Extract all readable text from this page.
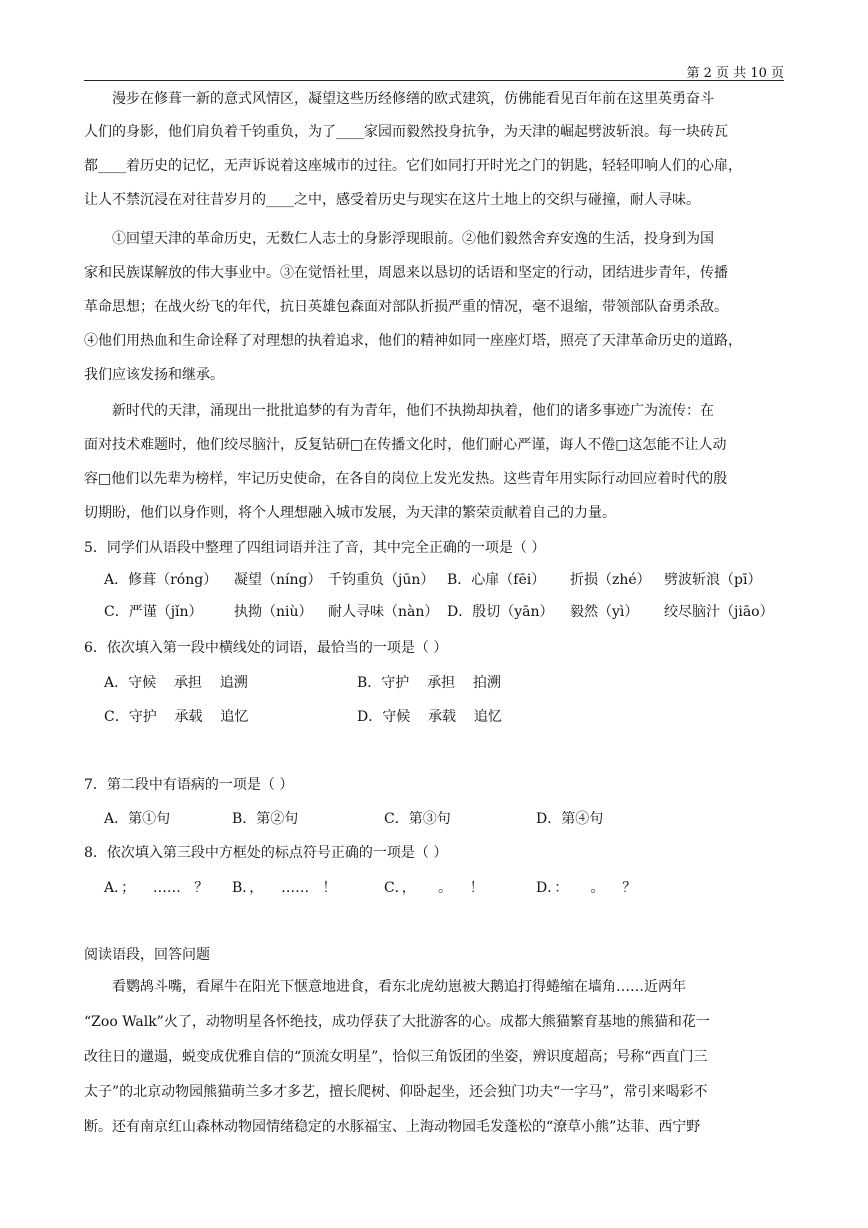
第 2 页 共 10 页
漫步在修葺一新的意式风情区，凝望这些历经修缮的欧式建筑，仿佛能看见百年前在这里英勇奋斗
人们的身影，他们肩负着千钧重负，为了____家园而毅然投身抗争，为天津的崛起劈波斩浪。每一块砖瓦
都____着历史的记忆，无声诉说着这座城市的过往。它们如同打开时光之门的钥匙，轻轻叩响人们的心扉，
让人不禁沉浸在对往昔岁月的____之中，感受着历史与现实在这片土地上的交织与碰撞，耐人寻味。
①回望天津的革命历史，无数仁人志士的身影浮现眼前。②他们毅然舍弃安逸的生活，投身到为国
家和民族谋解放的伟大事业中。③在觉悟社里，周恩来以恳切的话语和坚定的行动，团结进步青年，传播
革命思想；在战火纷飞的年代，抗日英雄包森面对部队折损严重的情况，毫不退缩，带领部队奋勇杀敌。
④他们用热血和生命诠释了对理想的执着追求，他们的精神如同一座座灯塔，照亮了天津革命历史的道路，
我们应该发扬和继承。
新时代的天津，涌现出一批批追梦的有为青年，他们不执拗却执着，他们的诸多事迹广为流传：在
面对技术难题时，他们绞尽脑汁，反复钻研□在传播文化时，他们耐心严谨，诲人不倦□这怎能不让人动
容□他们以先辈为榜样，牢记历史使命，在各自的岗位上发光发热。这些青年用实际行动回应着时代的殷
切期盼，他们以身作则，将个人理想融入城市发展，为天津的繁荣贡献着自己的力量。
5．同学们从语段中整理了四组词语并注了音，其中完全正确的一项是（ ）
A．修葺（róng） 凝望（níng） 千钧重负（jūn） B．心扉（fēi） 折损（zhé） 劈波斩浪（pī）
C．严谨（jǐn） 执拗（niù） 耐人寻味（nàn） D．殷切（yān） 毅然（yì） 绞尽脑汁（jiāo）
6．依次填入第一段中横线处的词语，最恰当的一项是（ ）
A．守候    承担    追溯	B．守护    承担    拍溯
C．守护    承载    追忆	D．守候    承载    追忆
7．第二段中有语病的一项是（ ）
A．第①句	B．第②句	C．第③句	D．第④句
8．依次填入第三段中方框处的标点符号正确的一项是（ ）
A．；    ……   ？ B．，    ……   ！	C．，     。    ！	D．：     。    ？
阅读语段，回答问题
看鹦鸪斗嘴，看犀牛在阳光下惬意地进食，看东北虎幼崽被大鹅追打得蜷缩在墙角……近两年
“Zoo Walk”火了，动物明星各怀绝技，成功俘获了大批游客的心。成都大熊猫繁育基地的熊猫和花一
改往日的邋遢，蜕变成优雅自信的“顶流女明星”，恰似三角饭团的坐姿，辨识度超高；号称“西直门三
太子”的北京动物园熊猫萌兰多才多艺，擅长爬树、仰卧起坐，还会独门功夫“一字马”，常引来喝彩不
断。还有南京红山森林动物园情绪稳定的水豚福宝、上海动物园毛发蓬松的“潦草小熊”达菲、西宁野
